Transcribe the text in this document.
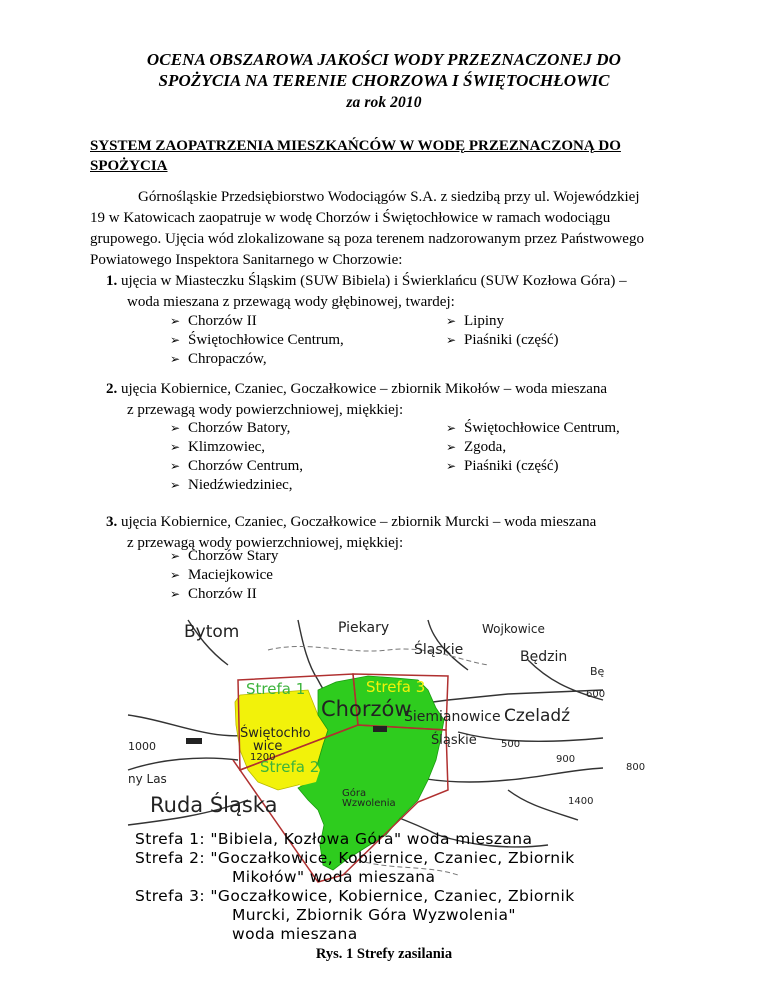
OCENA OBSZAROWA JAKOŚCI WODY PRZEZNACZONEJ DO
SPOŻYCIA NA TERENIE CHORZOWA I ŚWIĘTOCHŁOWIC
za rok 2010
SYSTEM ZAOPATRZENIA MIESZKAŃCÓW W WODĘ PRZEZNACZONĄ DO
SPOŻYCIA
Górnośląskie Przedsiębiorstwo Wodociągów S.A. z siedzibą przy ul. Wojewódzkiej
19 w Katowicach zaopatruje w wodę Chorzów i Świętochłowice w ramach wodociągu
grupowego. Ujęcia wód zlokalizowane są poza terenem nadzorowanym przez Państwowego
Powiatowego Inspektora Sanitarnego w Chorzowie:
1. ujęcia w Miasteczku Śląskim (SUW Bibiela) i Świerklańcu (SUW Kozłowa Góra) –
woda mieszana z przewagą wody głębinowej, twardej:
➢ Chorzów II
➢ Świętochłowice Centrum,
➢ Chropaczów,
➢ Lipiny
➢ Piaśniki (część)
2. ujęcia Kobiernice, Czaniec, Goczałkowice – zbiornik Mikołów – woda mieszana
z przewagą wody powierzchniowej, miękkiej:
➢ Chorzów Batory,
➢ Klimzowiec,
➢ Chorzów Centrum,
➢ Niedźwiedziniec,
➢ Świętochłowice Centrum,
➢ Zgoda,
➢ Piaśniki (część)
3. ujęcia Kobiernice, Czaniec, Goczałkowice – zbiornik Murcki – woda mieszana
z przewagą wody powierzchniowej, miękkiej:
➢ Chorzów Stary
➢ Maciejkowice
➢ Chorzów II
Bytom	Piekary	Wojkowice
Śląskie	Będzin
Bę
Chorzów
Siemianowice
Śląskie
Czeladź
Świętochło
wice
Ruda Śląska
ny Las
Wzwolenia
Góra
1000
1200
500
600
900
1400
800
Strefa 1	Strefa 3
Strefa 2
Strefa 1: "Bibiela, Kozłowa Góra" woda mieszana
Strefa 2: "Goczałkowice, Kobiernice, Czaniec, Zbiornik
Mikołów" woda mieszana
Strefa 3: "Goczałkowice, Kobiernice, Czaniec, Zbiornik
Murcki, Zbiornik Góra Wyzwolenia"
woda mieszana
Rys. 1 Strefy zasilania
